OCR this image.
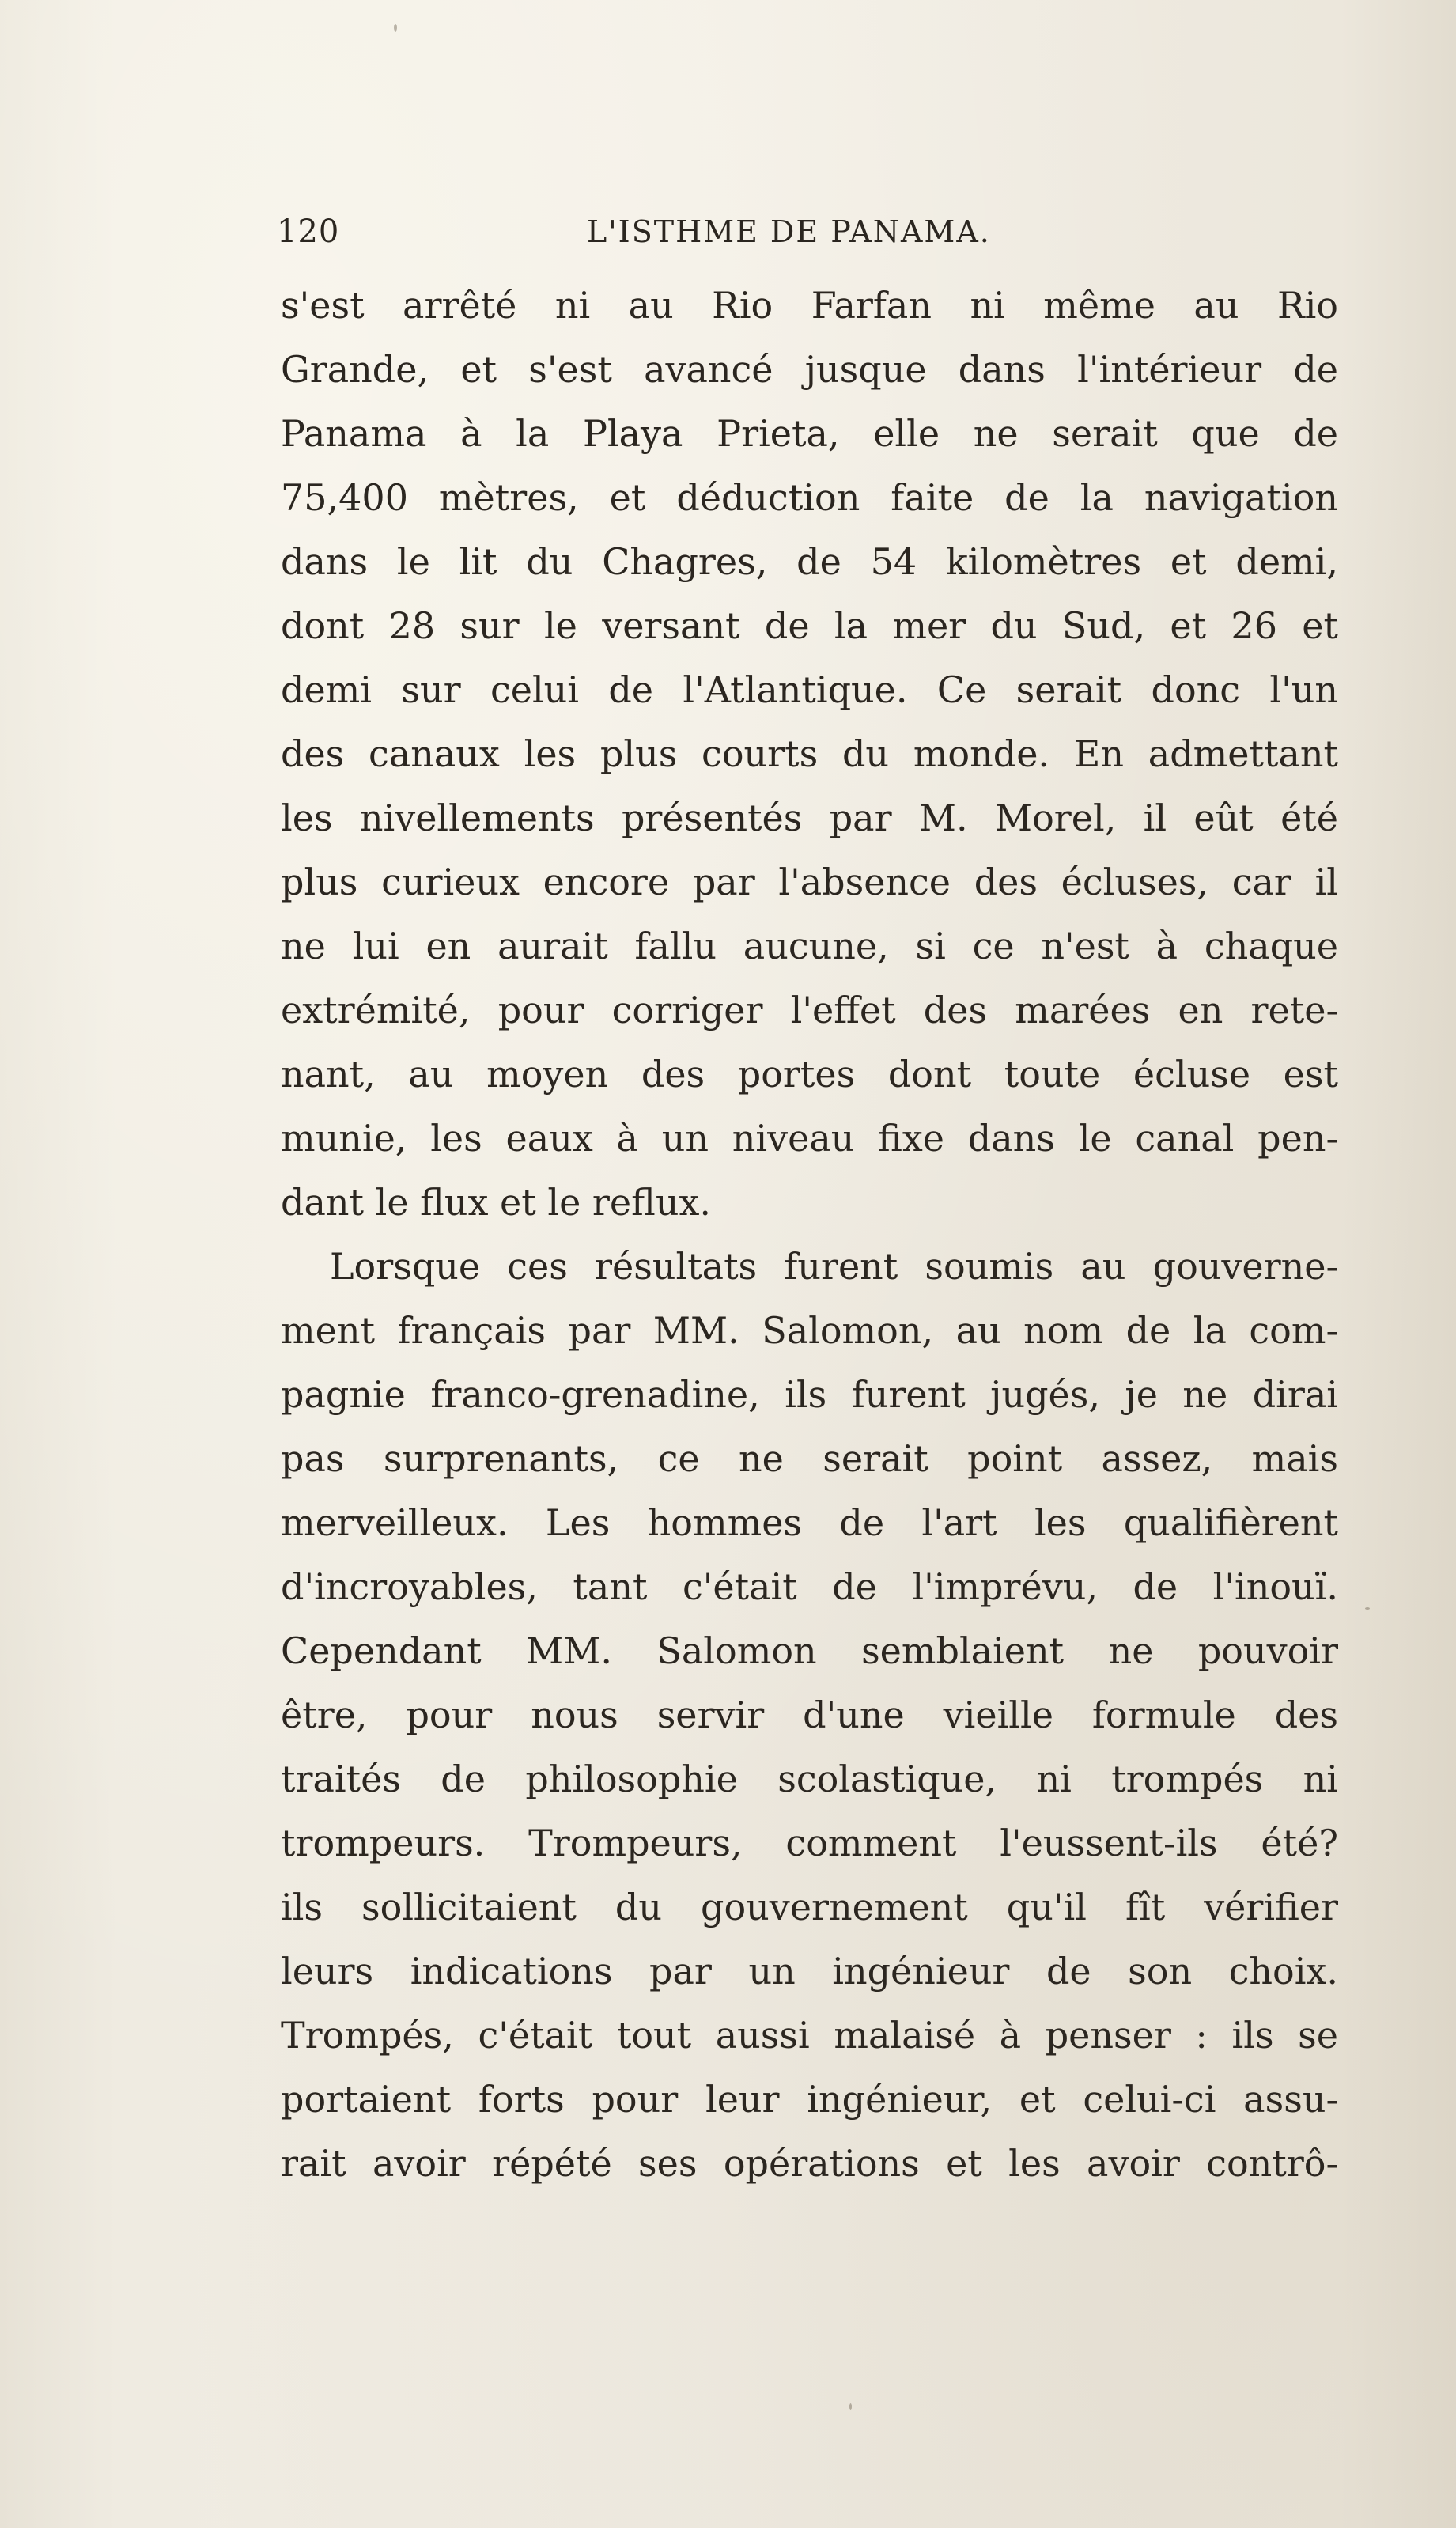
120	L'ISTHME DE PANAMA.
s'est arrêté ni au Rio Farfan ni même au Rio
Grande, et s'est avancé jusque dans l'intérieur de
Panama à la Playa Prieta, elle ne serait que de
75,400 mètres, et déduction faite de la navigation
dans le lit du Chagres, de 54 kilomètres et demi,
dont 28 sur le versant de la mer du Sud, et 26 et
demi sur celui de l'Atlantique. Ce serait donc l'un
des canaux les plus courts du monde. En admettant
les nivellements présentés par M. Morel, il eût été
plus curieux encore par l'absence des écluses, car il
ne lui en aurait fallu aucune, si ce n'est à chaque
extrémité, pour corriger l'effet des marées en rete-
nant, au moyen des portes dont toute écluse est
munie, les eaux à un niveau fixe dans le canal pen-
dant le flux et le reflux.
Lorsque ces résultats furent soumis au gouverne-
ment français par MM. Salomon, au nom de la com-
pagnie franco-grenadine, ils furent jugés, je ne dirai
pas surprenants, ce ne serait point assez, mais
merveilleux. Les hommes de l'art les qualifièrent
d'incroyables, tant c'était de l'imprévu, de l'inouï.
Cependant MM. Salomon semblaient ne pouvoir
être, pour nous servir d'une vieille formule des
traités de philosophie scolastique, ni trompés ni
trompeurs. Trompeurs, comment l'eussent-ils été?
ils sollicitaient du gouvernement qu'il fît vérifier
leurs indications par un ingénieur de son choix.
Trompés, c'était tout aussi malaisé à penser : ils se
portaient forts pour leur ingénieur, et celui-ci assu-
rait avoir répété ses opérations et les avoir contrô-
